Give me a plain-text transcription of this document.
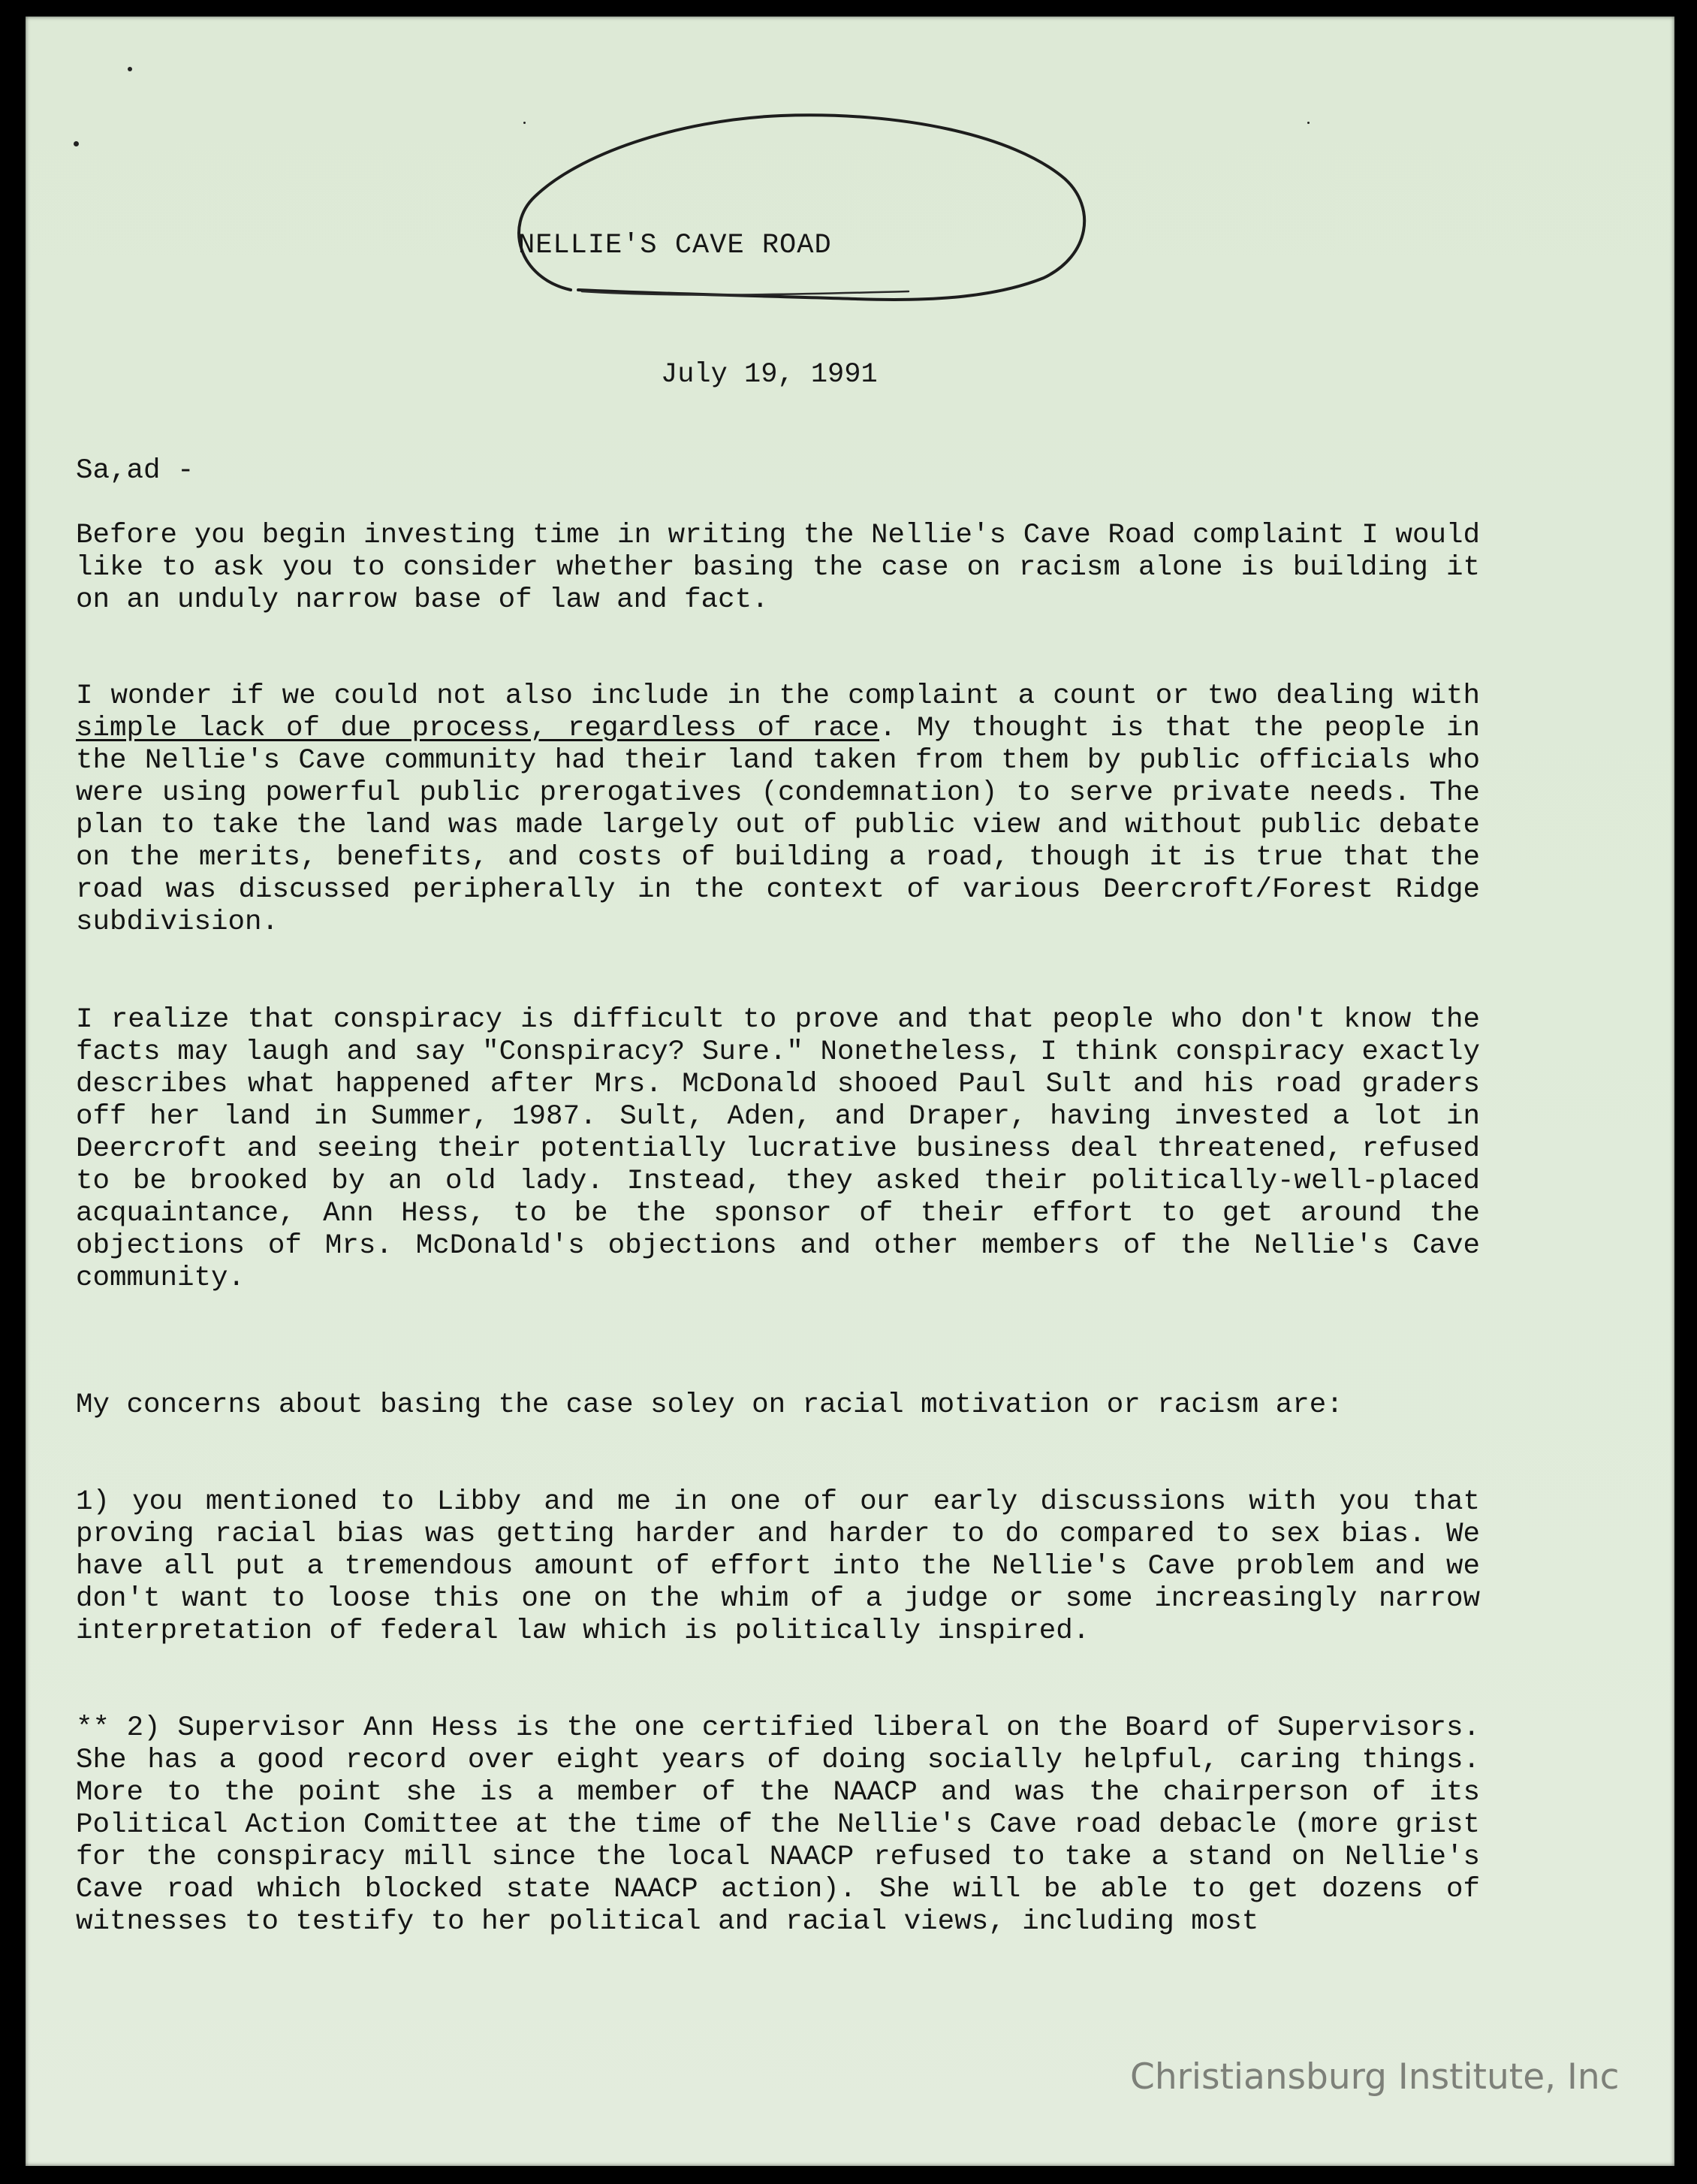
NELLIE'S CAVE ROAD
July 19, 1991
Sa,ad -
Before you begin investing time in writing the Nellie's Cave Road complaint I would like to ask you to consider whether basing the case on racism alone is building it on an unduly narrow base of law and fact.
I wonder if we could not also include in the complaint a count or two dealing with simple lack of due process, regardless of race. My thought is that the people in the Nellie's Cave community had their land taken from them by public officials who were using powerful public prerogatives (condemnation) to serve private needs. The plan to take the land was made largely out of public view and without public debate on the merits, benefits, and costs of building a road, though it is true that the road was discussed peripherally in the context of various Deercroft/Forest Ridge subdivision.
I realize that conspiracy is difficult to prove and that people who don't know the facts may laugh and say "Conspiracy? Sure." Nonetheless, I think conspiracy exactly describes what happened after Mrs. McDonald shooed Paul Sult and his road graders off her land in Summer, 1987. Sult, Aden, and Draper, having invested a lot in Deercroft and seeing their potentially lucrative business deal threatened, refused to be brooked by an old lady. Instead, they asked their politically-well-placed acquaintance, Ann Hess, to be the sponsor of their effort to get around the objections of Mrs. McDonald's objections and other members of the Nellie's Cave community.
My concerns about basing the case soley on racial motivation or racism are:
1) you mentioned to Libby and me in one of our early discussions with you that proving racial bias was getting harder and harder to do compared to sex bias. We have all put a tremendous amount of effort into the Nellie's Cave problem and we don't want to loose this one on the whim of a judge or some increasingly narrow interpretation of federal law which is politically inspired.
** 2) Supervisor Ann Hess is the one certified liberal on the Board of Supervisors. She has a good record over eight years of doing socially helpful, caring things. More to the point she is a member of the NAACP and was the chairperson of its Political Action Comittee at the time of the Nellie's Cave road debacle (more grist for the conspiracy mill since the local NAACP refused to take a stand on Nellie's Cave road which blocked state NAACP action). She will be able to get dozens of witnesses to testify to her political and racial views, including most
Christiansburg Institute, Inc
